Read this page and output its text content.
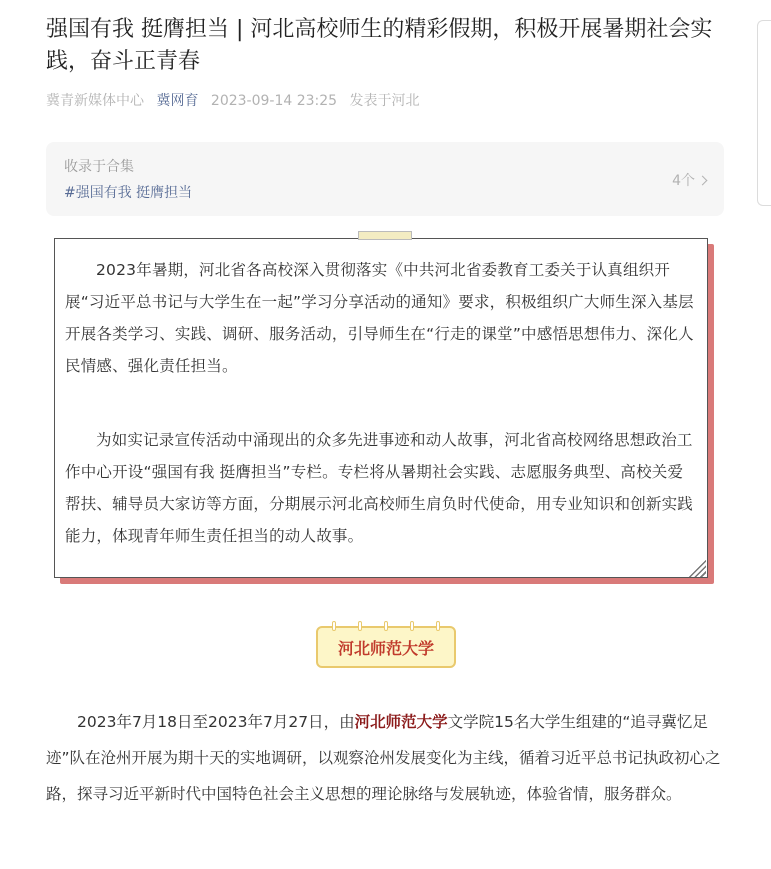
强国有我 挺膺担当 | 河北高校师生的精彩假期，积极开展暑期社会实践，奋斗正青春
冀青新媒体中心 冀网育 2023-09-14 23:25 发表于河北
收录于合集
#强国有我 挺膺担当
4个

2023年暑期，河北省各高校深入贯彻落实《中共河北省委教育工委关于认真组织开展“习近平总书记与大学生在一起”学习分享活动的通知》要求，积极组织广大师生深入基层开展各类学习、实践、调研、服务活动，引导师生在“行走的课堂”中感悟思想伟力、深化人民情感、强化责任担当。

为如实记录宣传活动中涌现出的众多先进事迹和动人故事，河北省高校网络思想政治工作中心开设“强国有我 挺膺担当”专栏。专栏将从暑期社会实践、志愿服务典型、高校关爱帮扶、辅导员大家访等方面，分期展示河北高校师生肩负时代使命，用专业知识和创新实践能力，体现青年师生责任担当的动人故事。

河北师范大学
2023年7月18日至2023年7月27日，由河北师范大学文学院15名大学生组建的“追寻冀忆足迹”队在沧州开展为期十天的实地调研，以观察沧州发展变化为主线，循着习近平总书记执政初心之路，探寻习近平新时代中国特色社会主义思想的理论脉络与发展轨迹，体验省情，服务群众。
